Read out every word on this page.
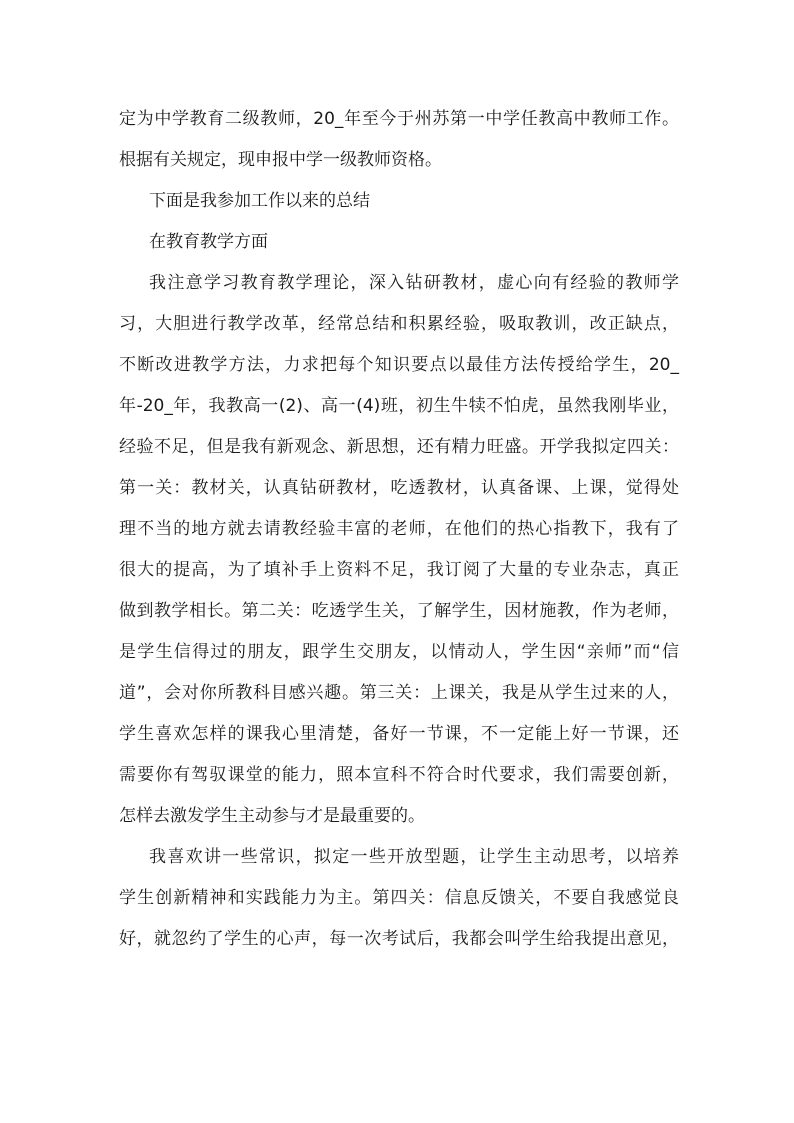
定为中学教育二级教师，20_年至今于州苏第一中学任教高中教师工作。
根据有关规定，现申报中学一级教师资格。
下面是我参加工作以来的总结
在教育教学方面
我注意学习教育教学理论，深入钻研教材，虚心向有经验的教师学
习，大胆进行教学改革，经常总结和积累经验，吸取教训，改正缺点，
不断改进教学方法，力求把每个知识要点以最佳方法传授给学生，20_
年-20_年，我教高一(2)、高一(4)班，初生牛犊不怕虎，虽然我刚毕业，
经验不足，但是我有新观念、新思想，还有精力旺盛。开学我拟定四关：
第一关：教材关，认真钻研教材，吃透教材，认真备课、上课，觉得处
理不当的地方就去请教经验丰富的老师，在他们的热心指教下，我有了
很大的提高，为了填补手上资料不足，我订阅了大量的专业杂志，真正
做到教学相长。第二关：吃透学生关，了解学生，因材施教，作为老师，
是学生信得过的朋友，跟学生交朋友，以情动人，学生因“亲师”而“信
道”，会对你所教科目感兴趣。第三关：上课关，我是从学生过来的人，
学生喜欢怎样的课我心里清楚，备好一节课，不一定能上好一节课，还
需要你有驾驭课堂的能力，照本宣科不符合时代要求，我们需要创新，
怎样去激发学生主动参与才是最重要的。
我喜欢讲一些常识，拟定一些开放型题，让学生主动思考，以培养
学生创新精神和实践能力为主。第四关：信息反馈关，不要自我感觉良
好，就忽约了学生的心声，每一次考试后，我都会叫学生给我提出意见，
